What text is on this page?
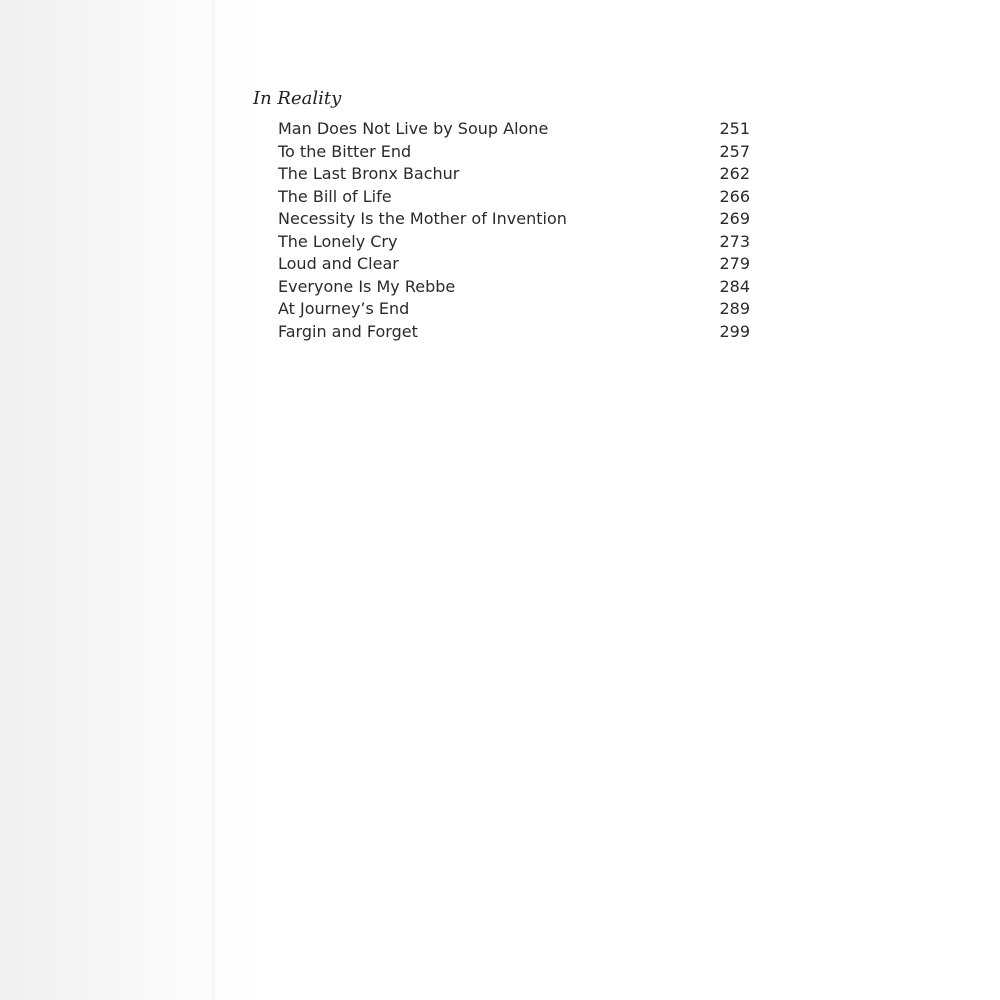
In Reality
Man Does Not Live by Soup Alone	251
To the Bitter End	257
The Last Bronx Bachur	262
The Bill of Life	266
Necessity Is the Mother of Invention	269
The Lonely Cry	273
Loud and Clear	279
Everyone Is My Rebbe	284
At Journey’s End	289
Fargin and Forget	299
